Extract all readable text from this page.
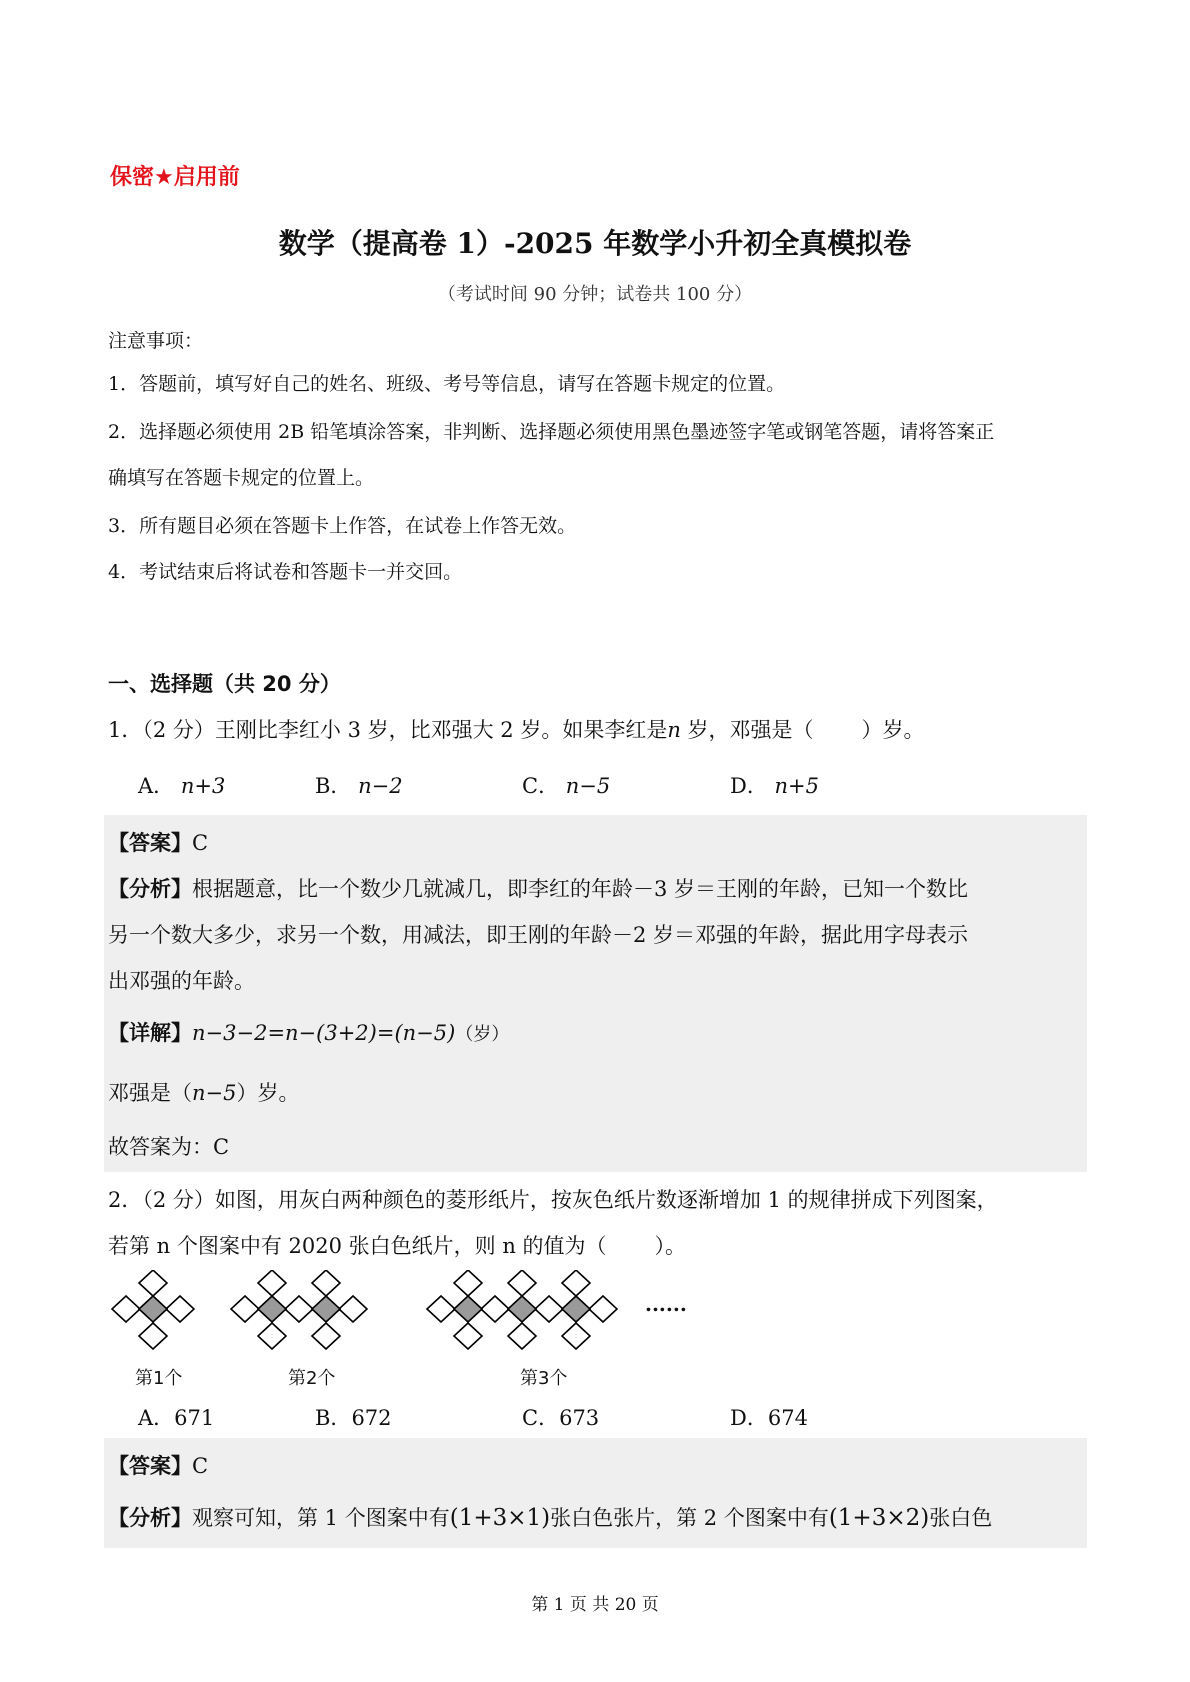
保密★启用前
数学（提高卷 1）-2025 年数学小升初全真模拟卷
（考试时间 90 分钟；试卷共 100 分）
注意事项：
1．答题前，填写好自己的姓名、班级、考号等信息，请写在答题卡规定的位置。
2．选择题必须使用 2B 铅笔填涂答案，非判断、选择题必须使用黑色墨迹签字笔或钢笔答题，请将答案正
确填写在答题卡规定的位置上。
3．所有题目必须在答题卡上作答，在试卷上作答无效。
4．考试结束后将试卷和答题卡一并交回。
一、选择题（共 20 分）
1．（2 分）王刚比李红小 3 岁，比邓强大 2 岁。如果李红是n 岁，邓强是（ ）岁。
A． n+3	B． n−2	C． n−5	D． n+5
【答案】C
【分析】根据题意，比一个数少几就减几，即李红的年龄－3 岁＝王刚的年龄，已知一个数比
另一个数大多少，求另一个数，用减法，即王刚的年龄－2 岁＝邓强的年龄，据此用字母表示
出邓强的年龄。
【详解】n−3−2=n−(3+2)=(n−5)（岁）
邓强是（n−5）岁。
故答案为：C
2．（2 分）如图，用灰白两种颜色的菱形纸片，按灰色纸片数逐渐增加 1 的规律拼成下列图案，
若第 n 个图案中有 2020 张白色纸片，则 n 的值为（ ）。
......
第1个	第2个	第3个
A．671	B．672	C．673	D．674
【答案】C
【分析】观察可知，第 1 个图案中有(1+3×1)张白色张片，第 2 个图案中有(1+3×2)张白色
第 1 页 共 20 页
